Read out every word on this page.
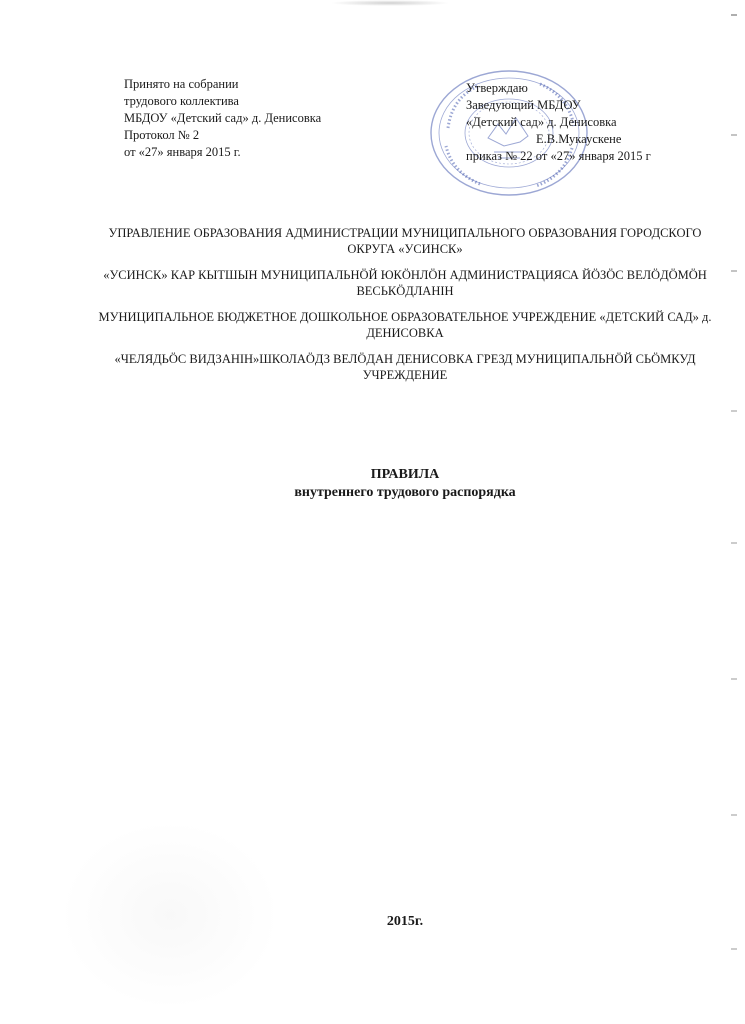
Принято на собрании
трудового коллектива
МБДОУ «Детский сад» д. Денисовка
Протокол № 2
от «27» января 2015 г.
Утверждаю
Заведующий МБДОУ
«Детский сад» д. Денисовка
Е.В.Мукаускене
приказ № 22 от «27» января 2015 г
УПРАВЛЕНИЕ ОБРАЗОВАНИЯ АДМИНИСТРАЦИИ МУНИЦИПАЛЬНОГО ОБРАЗОВАНИЯ ГОРОДСКОГО ОКРУГА «УСИНСК»
«УСИНСК» КАР КЫТШЫН МУНИЦИПАЛЬНӦЙ ЮКӦНЛӦН АДМИНИСТРАЦИЯСА ЙӦЗӦС ВЕЛӦДӦМӦН ВЕСЬКӦДЛАНІН
МУНИЦИПАЛЬНОЕ БЮДЖЕТНОЕ ДОШКОЛЬНОЕ ОБРАЗОВАТЕЛЬНОЕ УЧРЕЖДЕНИЕ «ДЕТСКИЙ САД» д. ДЕНИСОВКА
«ЧЕЛЯДЬӦС ВИДЗАНІН»ШКОЛАӦДЗ ВЕЛӦДАН ДЕНИСОВКА ГРЕЗД МУНИЦИПАЛЬНӦЙ СЬӦМКУД УЧРЕЖДЕНИЕ
ПРАВИЛА
внутреннего трудового распорядка
2015г.
